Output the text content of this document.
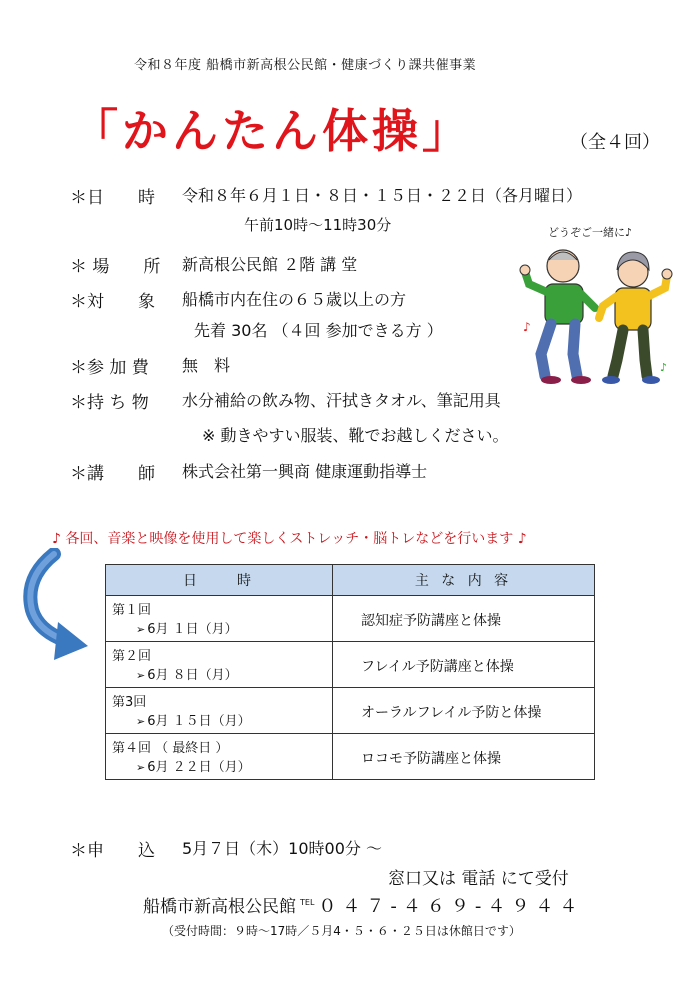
令和８年度 船橋市新高根公民館・健康づくり課共催事業
「かんたん体操」	（全４回）
＊日　　時 令和８年６月１日・８日・１５日・２２日（各月曜日）
午前10時～11時30分
＊ 場　　所 新高根公民館 ２階 講 堂
＊対　　象 船橋市内在住の６５歳以上の方
先着 30名 （４回 参加できる方 ）
＊参 加 費 無　料
＊持 ち 物 水分補給の飲み物、汗拭きタオル、筆記用具
※ 動きやすい服装、靴でお越しください。
＊講　　師 株式会社第一興商 健康運動指導士
どうぞご一緒に♪
♪
♪
♪
♪ 各回、音楽と映像を使用して楽しくストレッチ・脳トレなどを行います ♪
日　　時	主 な 内 容

第１回
➢ 6月 １日（月）	認知症予防講座と体操

第２回
➢ 6月 ８日（月）	フレイル予防講座と体操

第3回
➢ 6月 １５日（月）	オーラルフレイル予防と体操

第４回 （ 最終日 ）
➢ 6月 ２２日（月）	ロコモ予防講座と体操
＊申　　込 5月７日（木）10時00分 ～
窓口又は 電話 にて受付
船橋市新高根公民館 $^{TEL}$ ０４７-４６９-４９４４
（受付時間：９時～17時／５月4・５・６・２５日は休館日です）
